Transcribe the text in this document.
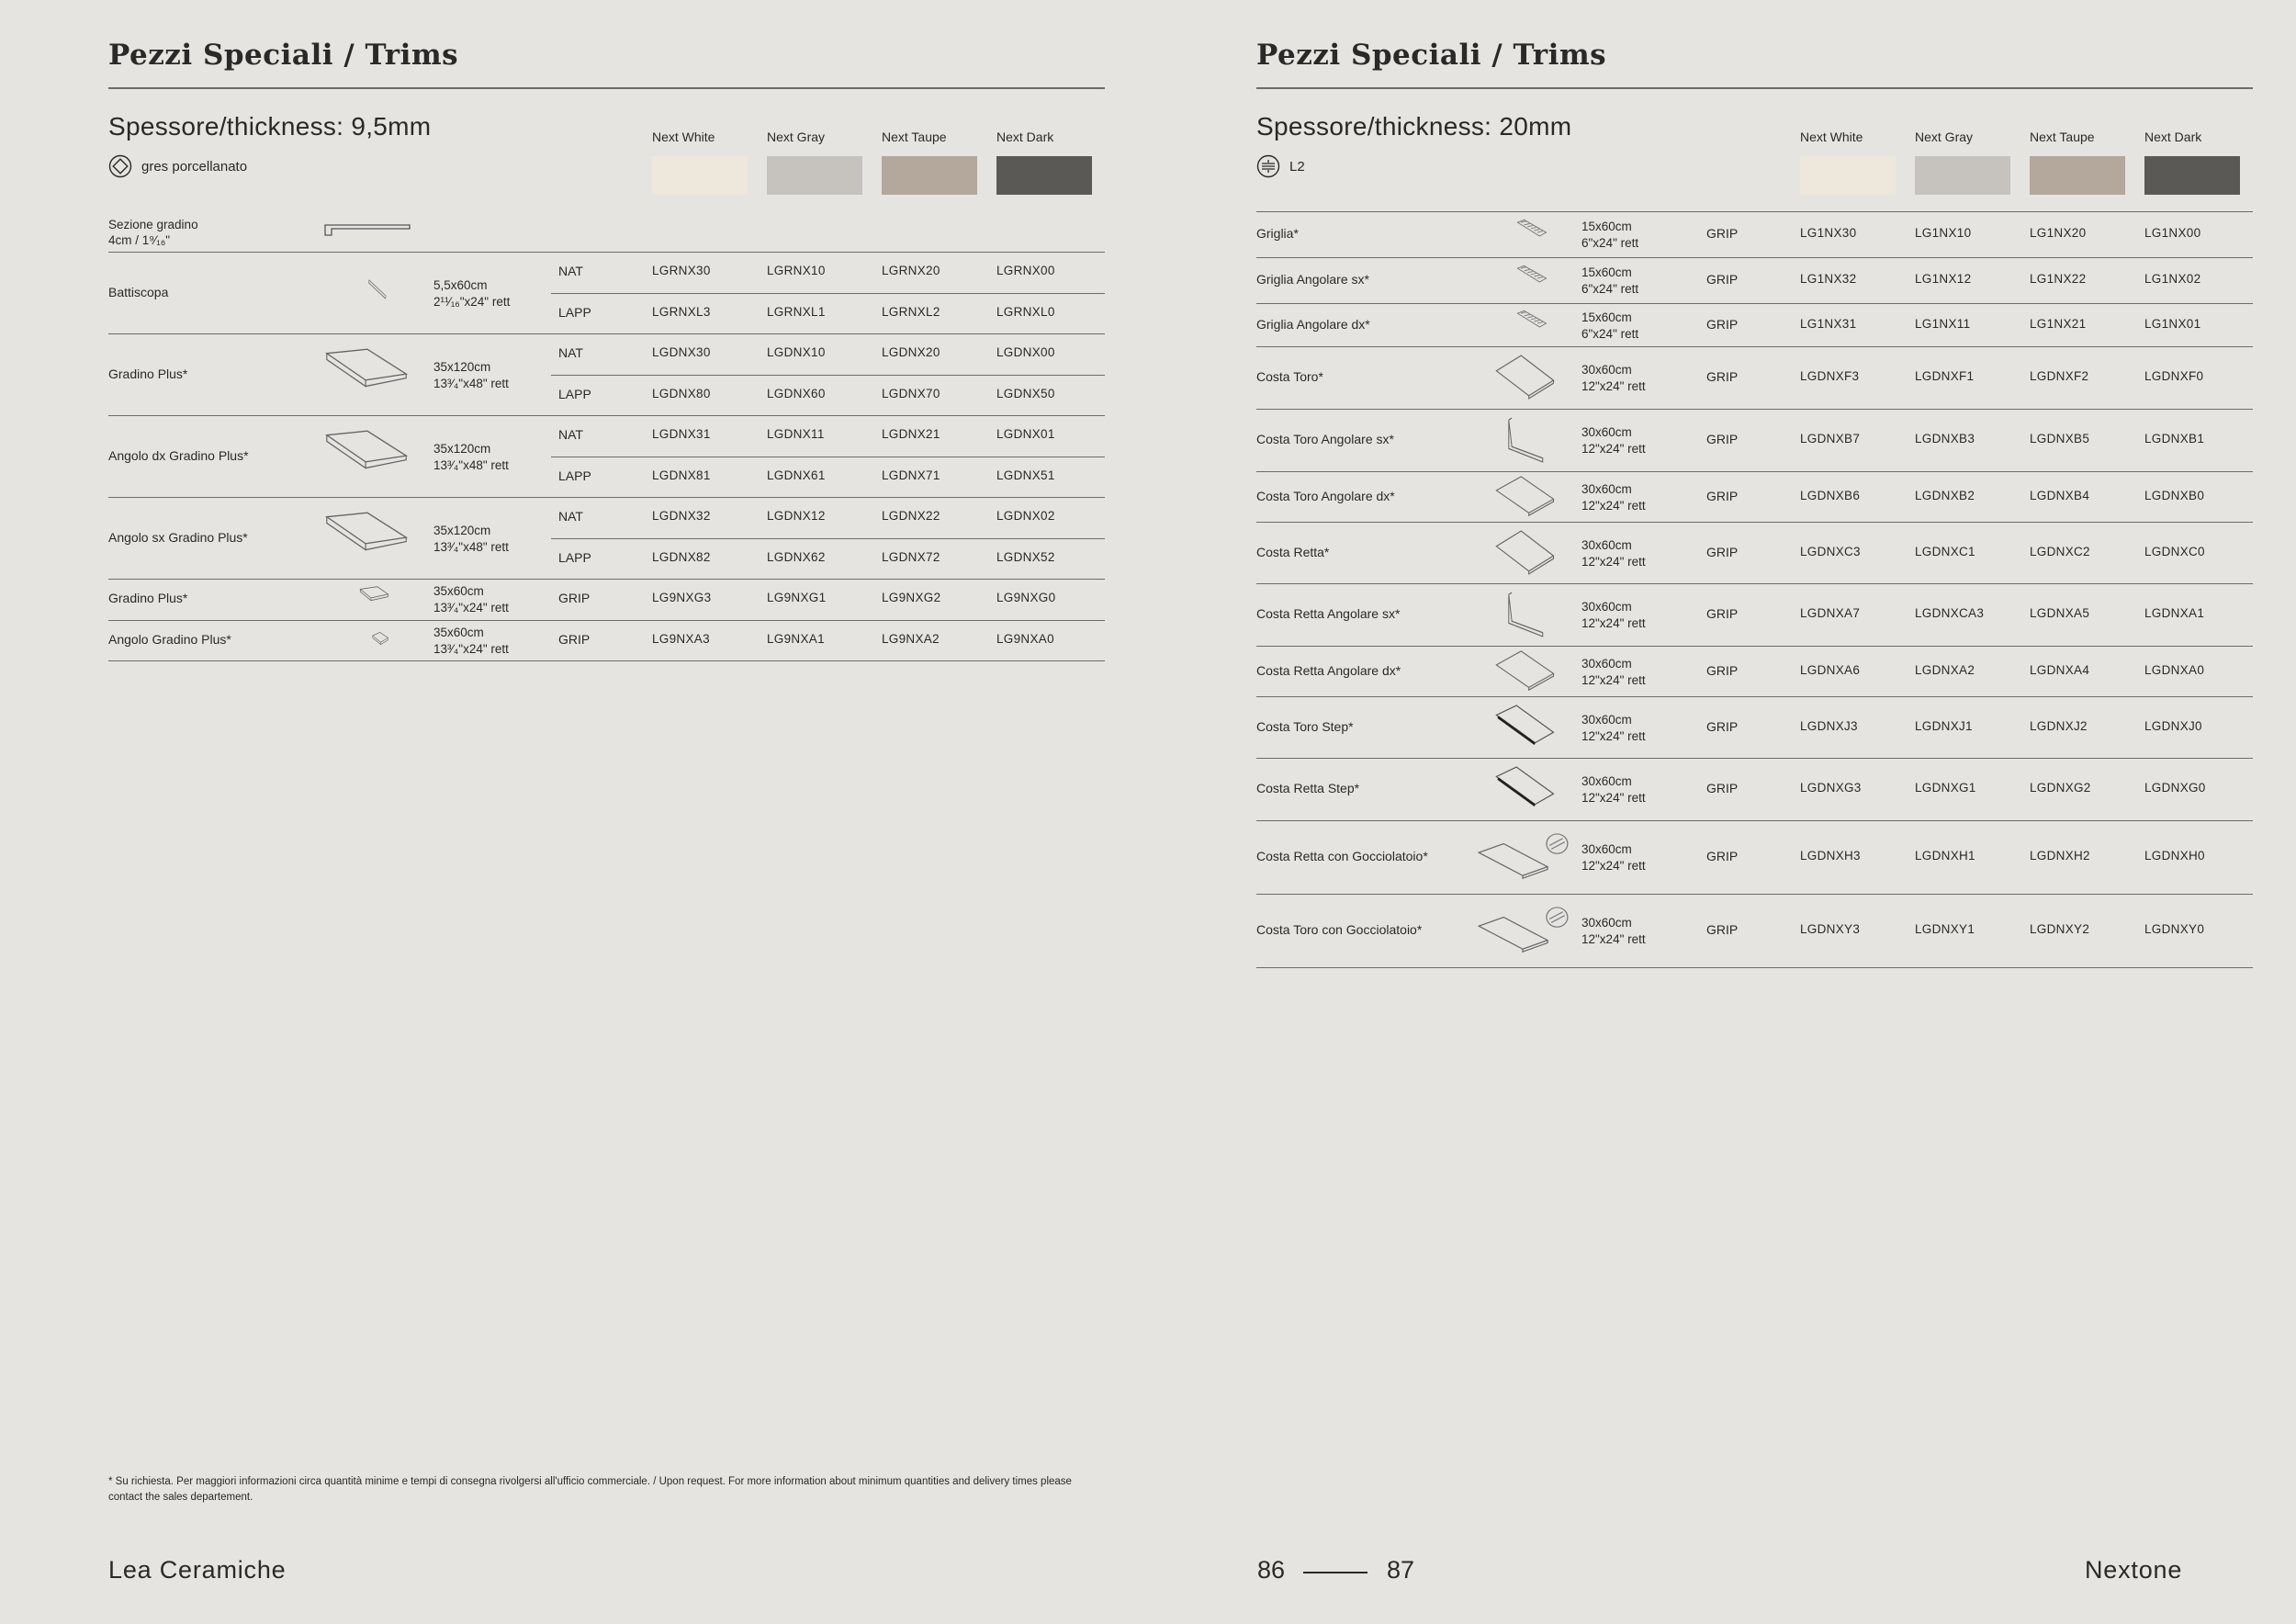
Pezzi Speciali / Trims
Spessore/thickness: 9,5mm
gres porcellanato
Next White	Next Gray	Next Taupe	Next Dark
Sezione gradino
4cm / 1⁹⁄₁₆"
Battiscopa	5,5x60cm
2¹¹⁄₁₆"x24" rett
NAT	LGRNX30	LGRNX10	LGRNX20	LGRNX00
LAPP	LGRNXL3	LGRNXL1	LGRNXL2	LGRNXL0
Gradino Plus*	35x120cm
13³⁄₄"x48" rett
NAT	LGDNX30	LGDNX10	LGDNX20	LGDNX00
LAPP	LGDNX80	LGDNX60	LGDNX70	LGDNX50
Angolo dx Gradino Plus*	35x120cm
13³⁄₄"x48" rett
NAT	LGDNX31	LGDNX11	LGDNX21	LGDNX01
LAPP	LGDNX81	LGDNX61	LGDNX71	LGDNX51
Angolo sx Gradino Plus*	35x120cm
13³⁄₄"x48" rett
NAT	LGDNX32	LGDNX12	LGDNX22	LGDNX02
LAPP	LGDNX82	LGDNX62	LGDNX72	LGDNX52
Gradino Plus*	35x60cm
13³⁄₄"x24" rett
GRIP	LG9NXG3	LG9NXG1	LG9NXG2	LG9NXG0
Angolo Gradino Plus*	35x60cm
13³⁄₄"x24" rett
GRIP	LG9NXA3	LG9NXA1	LG9NXA2	LG9NXA0

* Su richiesta. Per maggiori informazioni circa quantità minime e tempi di consegna rivolgersi all'ufficio commerciale. / Upon request. For more information about minimum quantities and delivery times please contact the sales departement.

Lea Ceramiche	86
Pezzi Speciali / Trims
Spessore/thickness: 20mm
L2
Next White	Next Gray	Next Taupe	Next Dark
Griglia*	15x60cm
6"x24" rett
GRIP	LG1NX30	LG1NX10	LG1NX20	LG1NX00
Griglia Angolare sx*	15x60cm
6"x24" rett
GRIP	LG1NX32	LG1NX12	LG1NX22	LG1NX02
Griglia Angolare dx*	15x60cm
6"x24" rett
GRIP	LG1NX31	LG1NX11	LG1NX21	LG1NX01
Costa Toro*	30x60cm
12"x24" rett
GRIP	LGDNXF3	LGDNXF1	LGDNXF2	LGDNXF0
Costa Toro Angolare sx*	30x60cm
12"x24" rett
GRIP	LGDNXB7	LGDNXB3	LGDNXB5	LGDNXB1
Costa Toro Angolare dx*	30x60cm
12"x24" rett
GRIP	LGDNXB6	LGDNXB2	LGDNXB4	LGDNXB0
Costa Retta*	30x60cm
12"x24" rett
GRIP	LGDNXC3	LGDNXC1	LGDNXC2	LGDNXC0
Costa Retta Angolare sx*	30x60cm
12"x24" rett
GRIP	LGDNXA7	LGDNXCA3	LGDNXA5	LGDNXA1
Costa Retta Angolare dx*	30x60cm
12"x24" rett
GRIP	LGDNXA6	LGDNXA2	LGDNXA4	LGDNXA0
Costa Toro Step*	30x60cm
12"x24" rett
GRIP	LGDNXJ3	LGDNXJ1	LGDNXJ2	LGDNXJ0
Costa Retta Step*	30x60cm
12"x24" rett
GRIP	LGDNXG3	LGDNXG1	LGDNXG2	LGDNXG0
Costa Retta con Gocciolatoio*	30x60cm
12"x24" rett
GRIP	LGDNXH3	LGDNXH1	LGDNXH2	LGDNXH0
Costa Toro con Gocciolatoio*	30x60cm
12"x24" rett
GRIP	LGDNXY3	LGDNXY1	LGDNXY2	LGDNXY0
87	Nextone
